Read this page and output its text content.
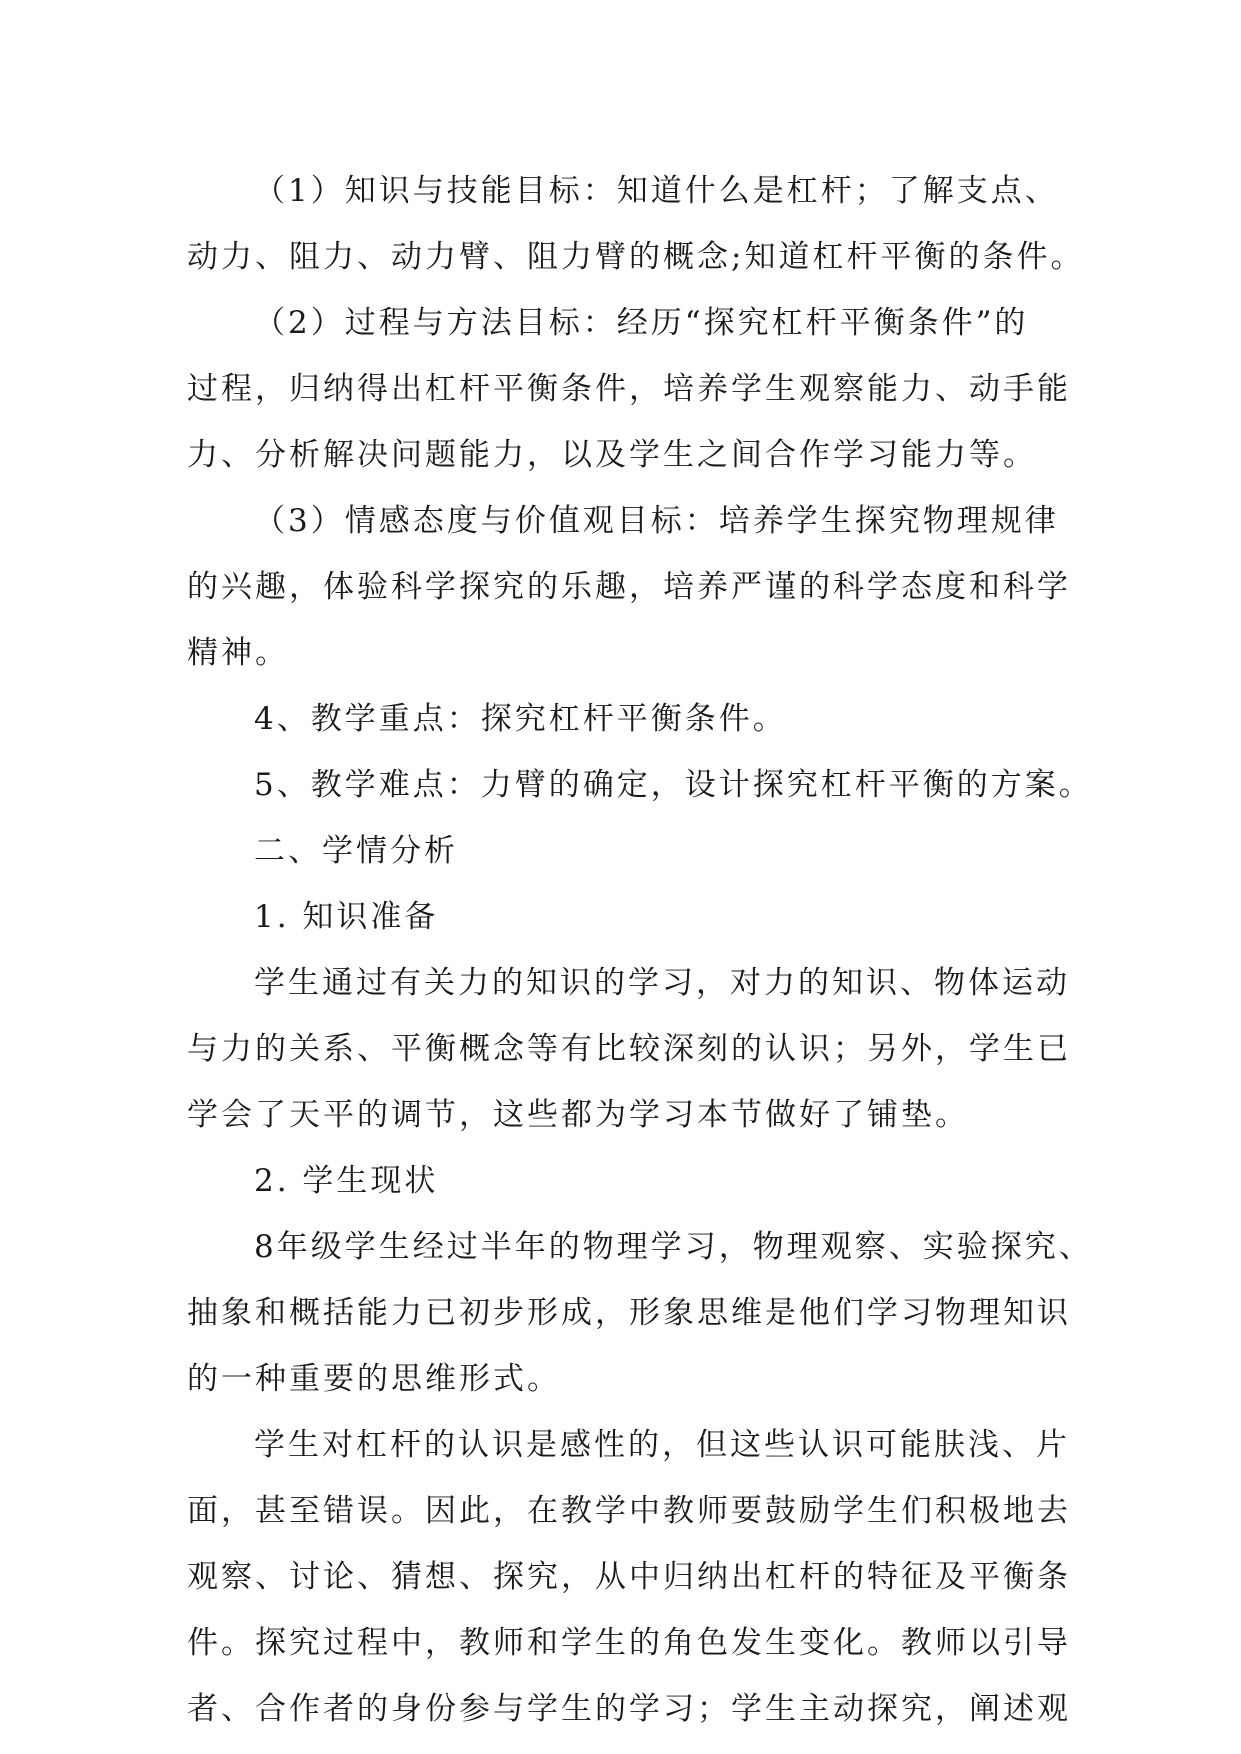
（1）知识与技能目标：知道什么是杠杆；了解支点、
动力、阻力、动力臂、阻力臂的概念;知道杠杆平衡的条件。
（2）过程与方法目标：经历“探究杠杆平衡条件”的
过程，归纳得出杠杆平衡条件，培养学生观察能力、动手能
力、分析解决问题能力，以及学生之间合作学习能力等。
（3）情感态度与价值观目标：培养学生探究物理规律
的兴趣，体验科学探究的乐趣，培养严谨的科学态度和科学
精神。
4、教学重点：探究杠杆平衡条件。
5、教学难点：力臂的确定，设计探究杠杆平衡的方案。
二、学情分析
1. 知识准备
学生通过有关力的知识的学习，对力的知识、物体运动
与力的关系、平衡概念等有比较深刻的认识；另外，学生已
学会了天平的调节，这些都为学习本节做好了铺垫。
2. 学生现状
8年级学生经过半年的物理学习，物理观察、实验探究、
抽象和概括能力已初步形成，形象思维是他们学习物理知识
的一种重要的思维形式。
学生对杠杆的认识是感性的，但这些认识可能肤浅、片
面，甚至错误。因此，在教学中教师要鼓励学生们积极地去
观察、讨论、猜想、探究，从中归纳出杠杆的特征及平衡条
件。探究过程中，教师和学生的角色发生变化。教师以引导
者、合作者的身份参与学生的学习；学生主动探究，阐述观
